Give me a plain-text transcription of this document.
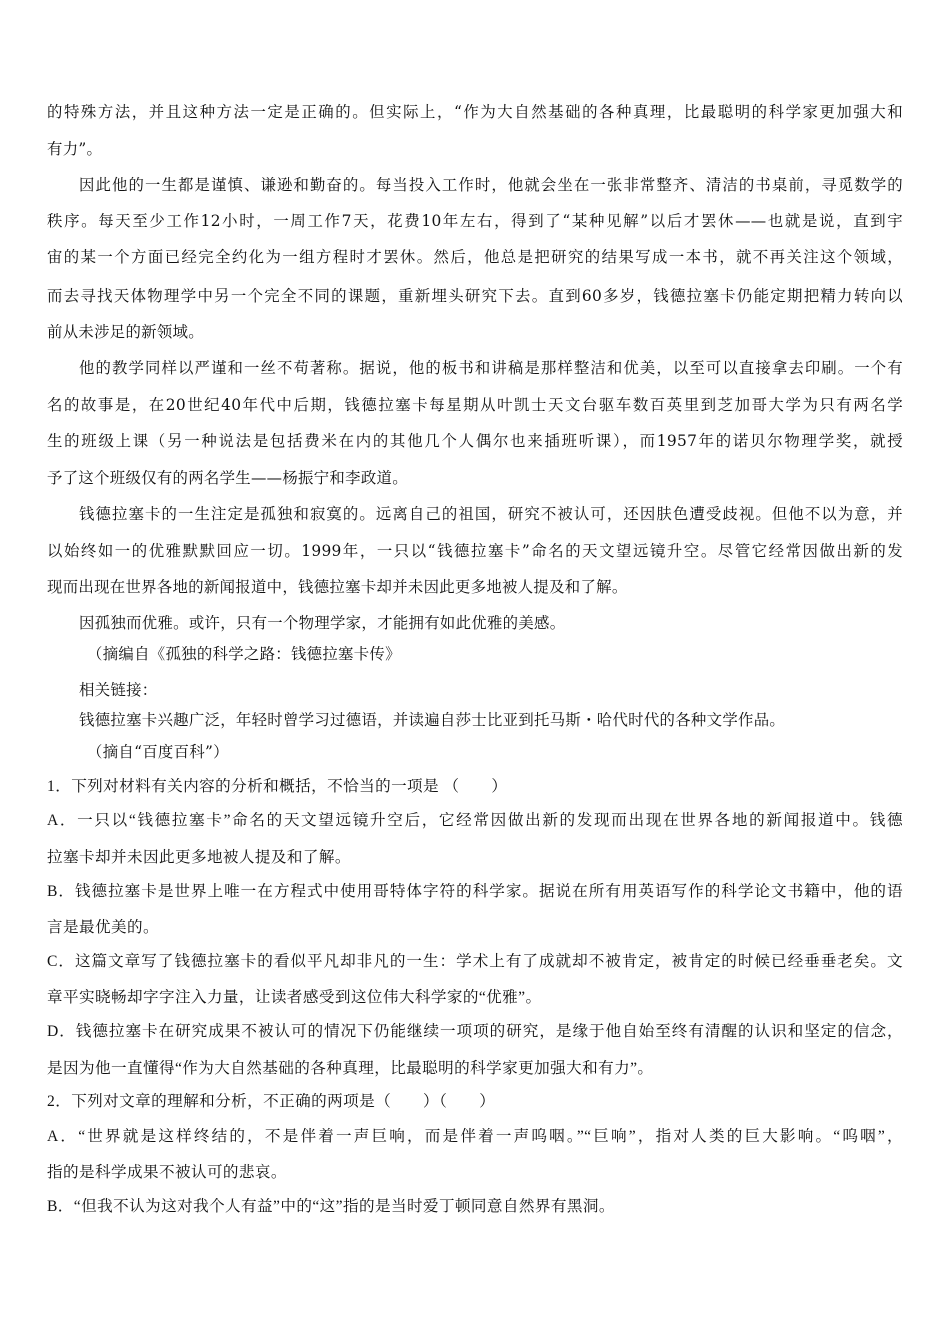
的特殊方法，并且这种方法一定是正确的。但实际上，“作为大自然基础的各种真理，比最聪明的科学家更加强大和
有力”。
因此他的一生都是谨慎、谦逊和勤奋的。每当投入工作时，他就会坐在一张非常整齐、清洁的书桌前，寻觅数学的
秩序。每天至少工作12小时，一周工作7天，花费10年左右，得到了“某种见解”以后才罢休——也就是说，直到宇
宙的某一个方面已经完全约化为一组方程时才罢休。然后，他总是把研究的结果写成一本书，就不再关注这个领域，
而去寻找天体物理学中另一个完全不同的课题，重新埋头研究下去。直到60多岁，钱德拉塞卡仍能定期把精力转向以
前从未涉足的新领域。
他的教学同样以严谨和一丝不苟著称。据说，他的板书和讲稿是那样整洁和优美，以至可以直接拿去印刷。一个有
名的故事是，在20世纪40年代中后期，钱德拉塞卡每星期从叶凯士天文台驱车数百英里到芝加哥大学为只有两名学
生的班级上课（另一种说法是包括费米在内的其他几个人偶尔也来插班听课），而1957年的诺贝尔物理学奖，就授
予了这个班级仅有的两名学生——杨振宁和李政道。
钱德拉塞卡的一生注定是孤独和寂寞的。远离自己的祖国，研究不被认可，还因肤色遭受歧视。但他不以为意，并
以始终如一的优雅默默回应一切。1999年，一只以“钱德拉塞卡”命名的天文望远镜升空。尽管它经常因做出新的发
现而出现在世界各地的新闻报道中，钱德拉塞卡却并未因此更多地被人提及和了解。
因孤独而优雅。或许，只有一个物理学家，才能拥有如此优雅的美感。
（摘编自《孤独的科学之路：钱德拉塞卡传》
相关链接：
钱德拉塞卡兴趣广泛，年轻时曾学习过德语，并读遍自莎士比亚到托马斯・哈代时代的各种文学作品。
（摘自“百度百科”）
1．下列对材料有关内容的分析和概括，不恰当的一项是 （　　）
A．一只以“钱德拉塞卡”命名的天文望远镜升空后，它经常因做出新的发现而出现在世界各地的新闻报道中。钱德
拉塞卡却并未因此更多地被人提及和了解。
B．钱德拉塞卡是世界上唯一在方程式中使用哥特体字符的科学家。据说在所有用英语写作的科学论文书籍中，他的语
言是最优美的。
C．这篇文章写了钱德拉塞卡的看似平凡却非凡的一生：学术上有了成就却不被肯定，被肯定的时候已经垂垂老矣。文
章平实晓畅却字字注入力量，让读者感受到这位伟大科学家的“优雅”。
D．钱德拉塞卡在研究成果不被认可的情况下仍能继续一项项的研究，是缘于他自始至终有清醒的认识和坚定的信念，
是因为他一直懂得“作为大自然基础的各种真理，比最聪明的科学家更加强大和有力”。
2．下列对文章的理解和分析，不正确的两项是（　　）（　　）
A．“世界就是这样终结的，不是伴着一声巨响，而是伴着一声呜咽。”“巨响”，指对人类的巨大影响。“呜咽”，
指的是科学成果不被认可的悲哀。
B．“但我不认为这对我个人有益”中的“这”指的是当时爱丁顿同意自然界有黑洞。
